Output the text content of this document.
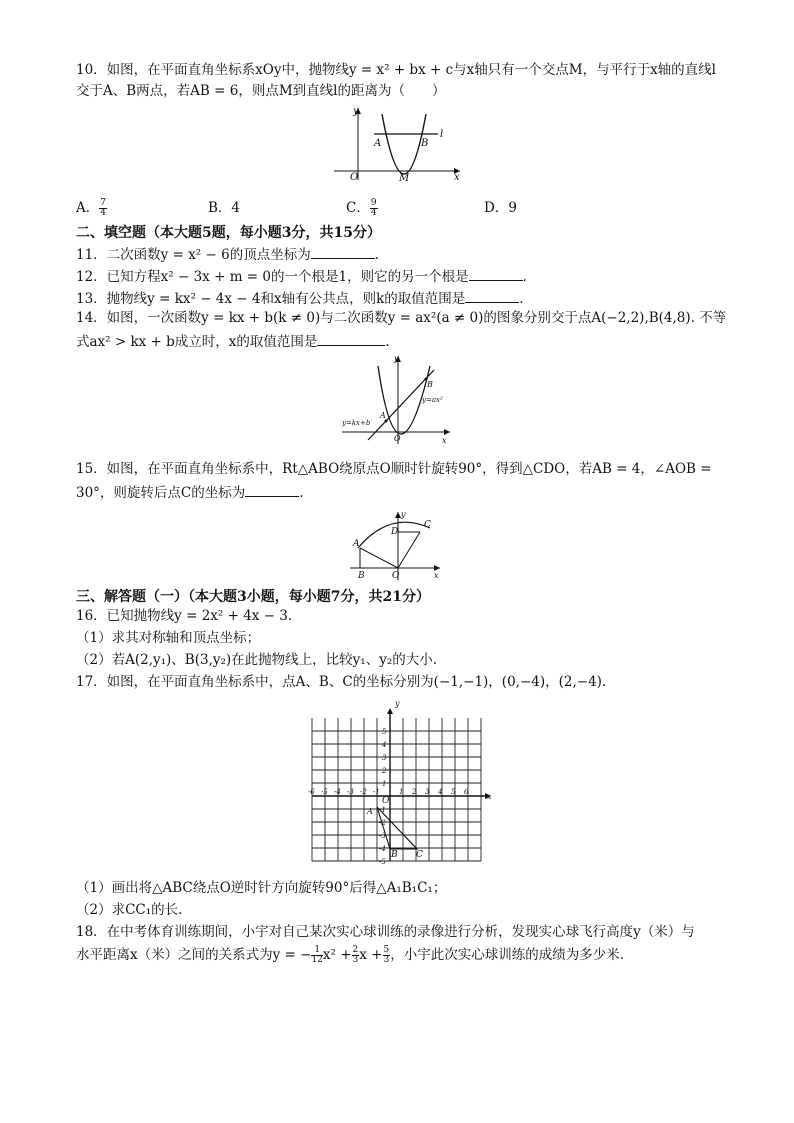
10．如图，在平面直角坐标系xOy中，抛物线y = x² + bx + c与x轴只有一个交点M，与平行于x轴的直线l
交于A、B两点，若AB = 6，则点M到直线l的距离为（　　）
y
x
O	M
A	B
l
A． $\frac{7}{4}$	B．4	C． $\frac{9}{4}$	D．9
二、填空题（本大题5题，每小题3分，共15分）
11．二次函数y = x² − 6的顶点坐标为	.
12．已知方程x² − 3x + m = 0的一个根是1，则它的另一个根是	.
13．抛物线y = kx² − 4x − 4和x轴有公共点，则k的取值范围是	.
14．如图，一次函数y = kx + b(k ≠ 0)与二次函数y = ax²(a ≠ 0)的图象分别交于点A(−2,2),B(4,8). 不等
式ax² > kx + b成立时，x的取值范围是	.
y
x
O
A
B
y=kx+b
y=ax²
15．如图，在平面直角坐标系中，Rt△ABO绕原点O顺时针旋转90°，得到△CDO，若AB = 4，∠AOB =
30°，则旋转后点C的坐标为	.
y
x
O
A
B
C
D
三、解答题（一）（本大题3小题，每小题7分，共21分）
16．已知抛物线y = 2x² + 4x − 3.
（1）求其对称轴和顶点坐标；
（2）若A(2,y₁)、B(3,y₂)在此抛物线上，比较y₁、y₂的大小.
17．如图，在平面直角坐标系中，点A、B、C的坐标分别为(−1,−1)，(0,−4)，(2,−4).
-6 -5 -4 -3 -2 -1	1 2 3 4 5 6
5
4
3
2
1
-1
-2
-3
-4
-5
x
y
O
A
B C
（1）画出将△ABC绕点O逆时针方向旋转90°后得△A₁B₁C₁；
（2）求CC₁的长.
18．在中考体育训练期间，小宇对自己某次实心球训练的录像进行分析，发现实心球飞行高度y（米）与
水平距离x（米）之间的关系式为y = − $\frac{1}{12} x^2 + \frac{2}{3}$ $x + \frac{5}{3}$ ，小宇此次实心球训练的成绩为多少米.
